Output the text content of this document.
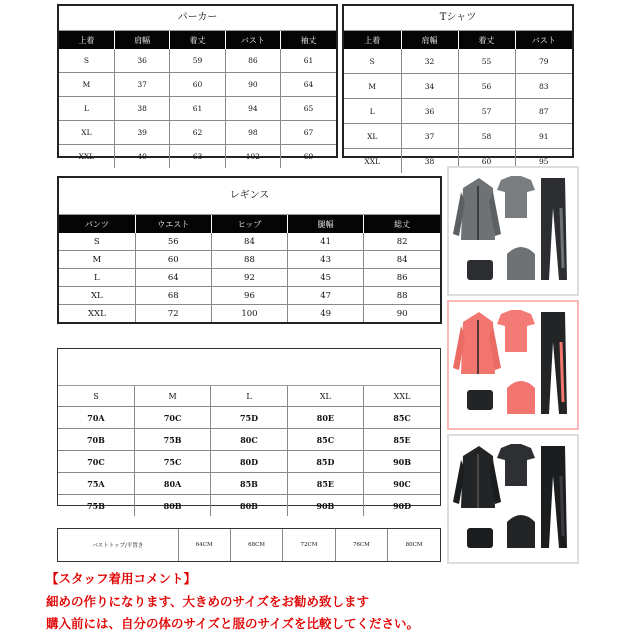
パーカー
上着	肩幅	着丈	バスト	袖丈
S	36	59	86	61
M	37	60	90	64
L	38	61	94	65
XL	39	62	98	67
XXL	40	63	102	69
Tシャツ
上着	肩幅	着丈	バスト
S	32	55	79
M	34	56	83
L	36	57	87
XL	37	58	91
XXL	38	60	95
レギンス
パンツ	ウエスト	ヒップ	腿幅	総丈
S	56	84	41	82
M	60	88	43	84
L	64	92	45	86
XL	68	96	47	88
XXL	72	100	49	90
S	M	L	XL	XXL
70A	70C	75D	80E	85C
70B	75B	80C	85C	85E
70C	75C	80D	85D	90B
75A	80A	85B	85E	90C
75B	80B	80B	90B	90D
バストトップ/平置き	64CM	68CM	72CM	76CM	80CM
【スタッフ着用コメント】
細めの作りになります、大きめのサイズをお勧め致します
購入前には、自分の体のサイズと服のサイズを比較してください。
